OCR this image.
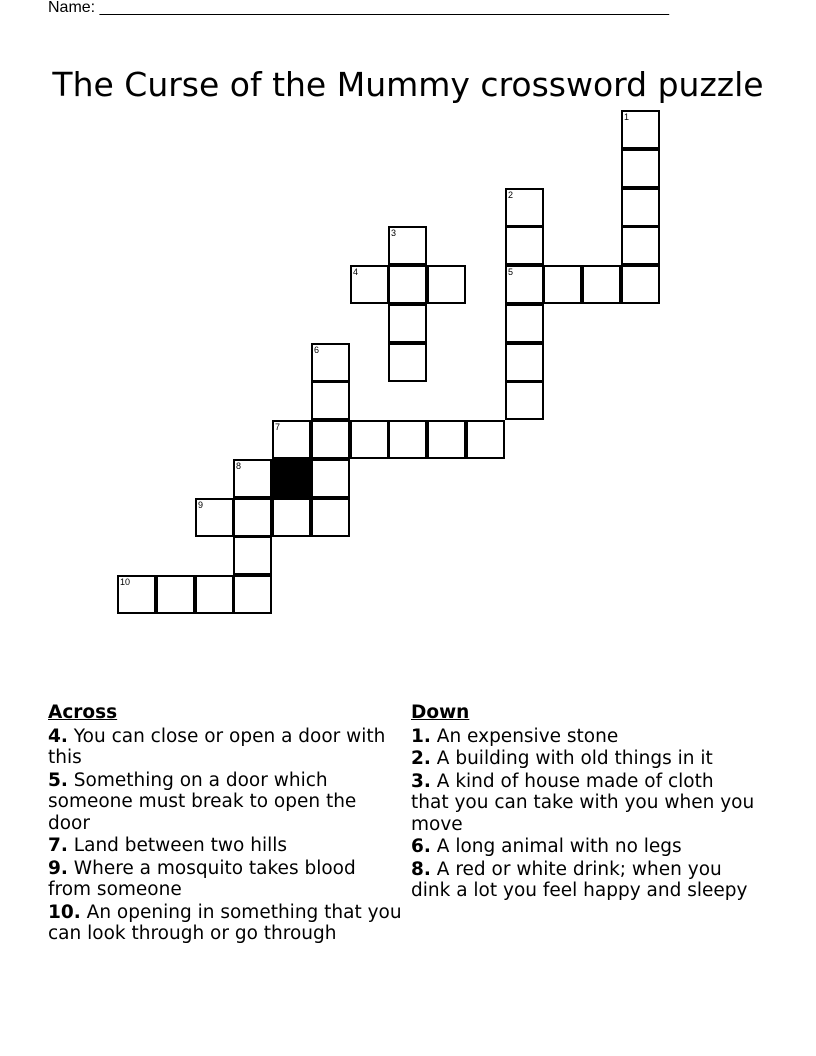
Name: ________________________________________________________________
The Curse of the Mummy crossword puzzle
1
2
5
3
4
6
7
8
9
10
Across
4. You can close or open a door with this
5. Something on a door which someone must break to open the door
7. Land between two hills
9. Where a mosquito takes blood from someone
10. An opening in something that you can look through or go through
Down
1. An expensive stone
2. A building with old things in it
3. A kind of house made of cloth that you can take with you when you move
6. A long animal with no legs
8. A red or white drink; when you dink a lot you feel happy and sleepy
